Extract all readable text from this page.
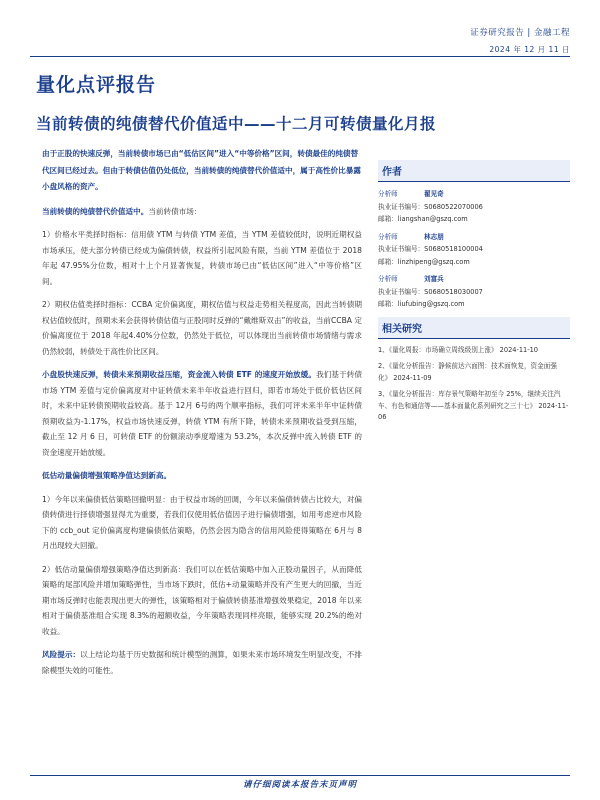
证券研究报告 | 金融工程
2024 年 12 月 11 日
量化点评报告
当前转债的纯债替代价值适中——十二月可转债量化月报

由于正股的快速反弹，当前转债市场已由“低估区间”进入“中等价格”区间，转债最佳的纯债替代区间已经过去。但由于转债估值仍处低位，当前转债的纯债替代价值适中，属于高性价比暴露小盘风格的资产。

当前转债的纯债替代价值适中。当前转债市场：

1）价格水平类择时指标：信用债 YTM 与转债 YTM 差值，当 YTM 差值较低时，说明近期权益市场承压，使大部分转债已经成为偏债转债，权益所引起风险有限，当前 YTM 差值位于 2018 年起 47.95%分位数，相对十上个月显著恢复，转债市场已由“低估区间”进入“中等价格”区间。

2）期权估值类择时指标：CCBA 定价偏离度，期权估值与权益走势相关程度高，因此当转债期权估值较低时，预期未来会获得转债估值与正股同时反弹的“戴维斯双击”的收益，当前CCBA 定价偏离度位于 2018 年起4.40%分位数，仍然处于低位，可以体现出当前转债市场情绪与需求仍然较弱，转债处于高性价比区间。

小盘股快速反弹，转债未来预期收益压缩，资金流入转债 ETF 的速度开始放缓。我们基于转债市场 YTM 差值与定价偏离度对中证转债未来半年收益进行回归，即若市场处于低价低估区间时，未来中证转债预期收益较高。基于 12月 6号的两个顺率指标，我们可评未来半年中证转债预期收益为-1.17%，权益市场快速反弹，转债 YTM 有所下降，转债未来预期收益受到压缩，截止至 12 月 6 日，可转债 ETF 的份额滚动季度增速为 53.2%，本次反弹中流入转债 ETF 的资金速度开始放缓。

低估动量偏债增强策略净值达到新高。

1）今年以来偏债低估策略回撤明显：由于权益市场的回调，今年以来偏债转债占比较大，对偏债转债进行择债增强显得尤为重要，若我们仅使用低估值因子进行偏债增强，如用考虑逆市风险下的 ccb_out 定价偏离度构建偏债低估策略，仍然会因为隐含的信用风险使得策略在 6月与 8月出现较大回撤。

2）低估动量偏债增强策略净值达到新高：我们可以在低估策略中加入正股动量因子，从而降低策略的尾部风险并增加策略弹性，当市场下跌时，低估+动量策略并没有产生更大的回撤，当近期市场反弹时也能表现出更大的弹性，该策略相对于偏债转债基准增强效果稳定，2018 年以来相对于偏债基准组合实现 8.3%的超额收益，今年策略表现同样亮眼，能够实现 20.2%的绝对收益。

风险提示：以上结论均基于历史数据和统计模型的测算，如果未来市场环境发生明显改变，不排除模型失效的可能性。

作者
分析师	翟见奇
执业证书编号：S0680522070006
邮箱：liangshan@gszq.com
分析师	林志朋
执业证书编号：S0680518100004
邮箱：linzhipeng@gszq.com
分析师	刘富兵
执业证书编号：S0680518030007
邮箱：liufubing@gszq.com
相关研究
1、《量化周报：市场确立周线级别上涨》 2024-11-10
2、《量化分析报告：静候前达六面图：技术面恢复，资金面强化》 2024-11-09
3、《量化分析报告：库存景气策略年初至今 25%，继续关注汽车、有色和通信等——基本面量化系列研究之三十七》 2024-11-06
请仔细阅读本报告末页声明
